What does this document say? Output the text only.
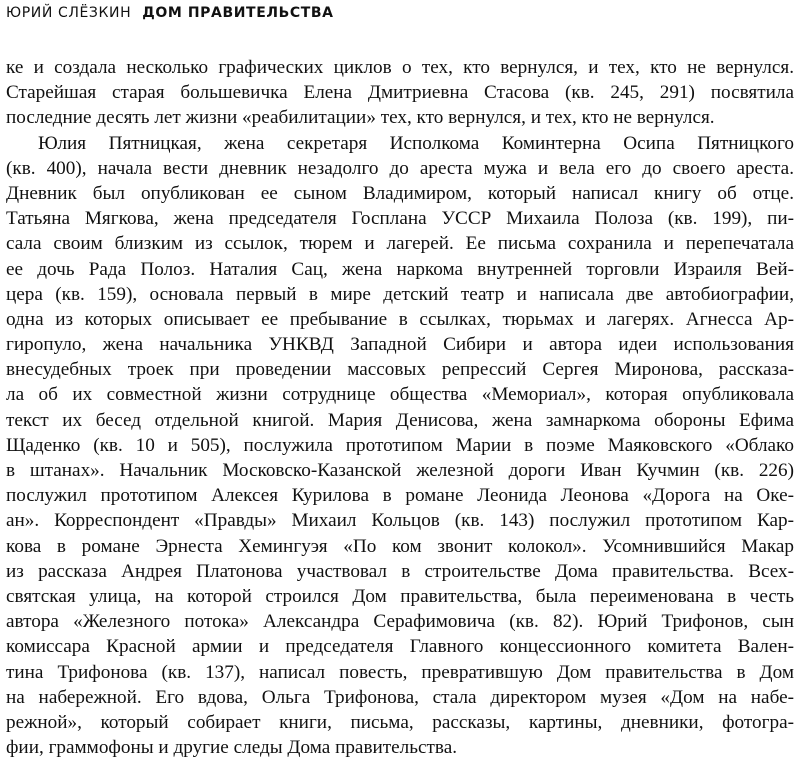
ЮРИЙ СЛЁЗКИН ДОМ ПРАВИТЕЛЬСТВА
ке и создала несколько графических циклов о тех, кто вернулся, и тех, кто не вернулся.
Старейшая старая большевичка Елена Дмитриевна Стасова (кв. 245, 291) посвятила
последние десять лет жизни «реабилитации» тех, кто вернулся, и тех, кто не вернулся.
Юлия Пятницкая, жена секретаря Исполкома Коминтерна Осипа Пятницкого
(кв. 400), начала вести дневник незадолго до ареста мужа и вела его до своего ареста.
Дневник был опубликован ее сыном Владимиром, который написал книгу об отце.
Татьяна Мягкова, жена председателя Госплана УССР Михаила Полоза (кв. 199), пи-
сала своим близким из ссылок, тюрем и лагерей. Ее письма сохранила и перепечатала
ее дочь Рада Полоз. Наталия Сац, жена наркома внутренней торговли Израиля Вей-
цера (кв. 159), основала первый в мире детский театр и написала две автобиографии,
одна из которых описывает ее пребывание в ссылках, тюрьмах и лагерях. Агнесса Ар-
гиропуло, жена начальника УНКВД Западной Сибири и автора идеи использования
внесудебных троек при проведении массовых репрессий Сергея Миронова, рассказа-
ла об их совместной жизни сотруднице общества «Мемориал», которая опубликовала
текст их бесед отдельной книгой. Мария Денисова, жена замнаркома обороны Ефима
Щаденко (кв. 10 и 505), послужила прототипом Марии в поэме Маяковского «Облако
в штанах». Начальник Московско-Казанской железной дороги Иван Кучмин (кв. 226)
послужил прототипом Алексея Курилова в романе Леонида Леонова «Дорога на Оке-
ан». Корреспондент «Правды» Михаил Кольцов (кв. 143) послужил прототипом Кар-
кова в романе Эрнеста Хемингуэя «По ком звонит колокол». Усомнившийся Макар
из рассказа Андрея Платонова участвовал в строительстве Дома правительства. Всех-
святская улица, на которой строился Дом правительства, была переименована в честь
автора «Железного потока» Александра Серафимовича (кв. 82). Юрий Трифонов, сын
комиссара Красной армии и председателя Главного концессионного комитета Вален-
тина Трифонова (кв. 137), написал повесть, превратившую Дом правительства в Дом
на набережной. Его вдова, Ольга Трифонова, стала директором музея «Дом на набе-
режной», который собирает книги, письма, рассказы, картины, дневники, фотогра-
фии, граммофоны и другие следы Дома правительства.
